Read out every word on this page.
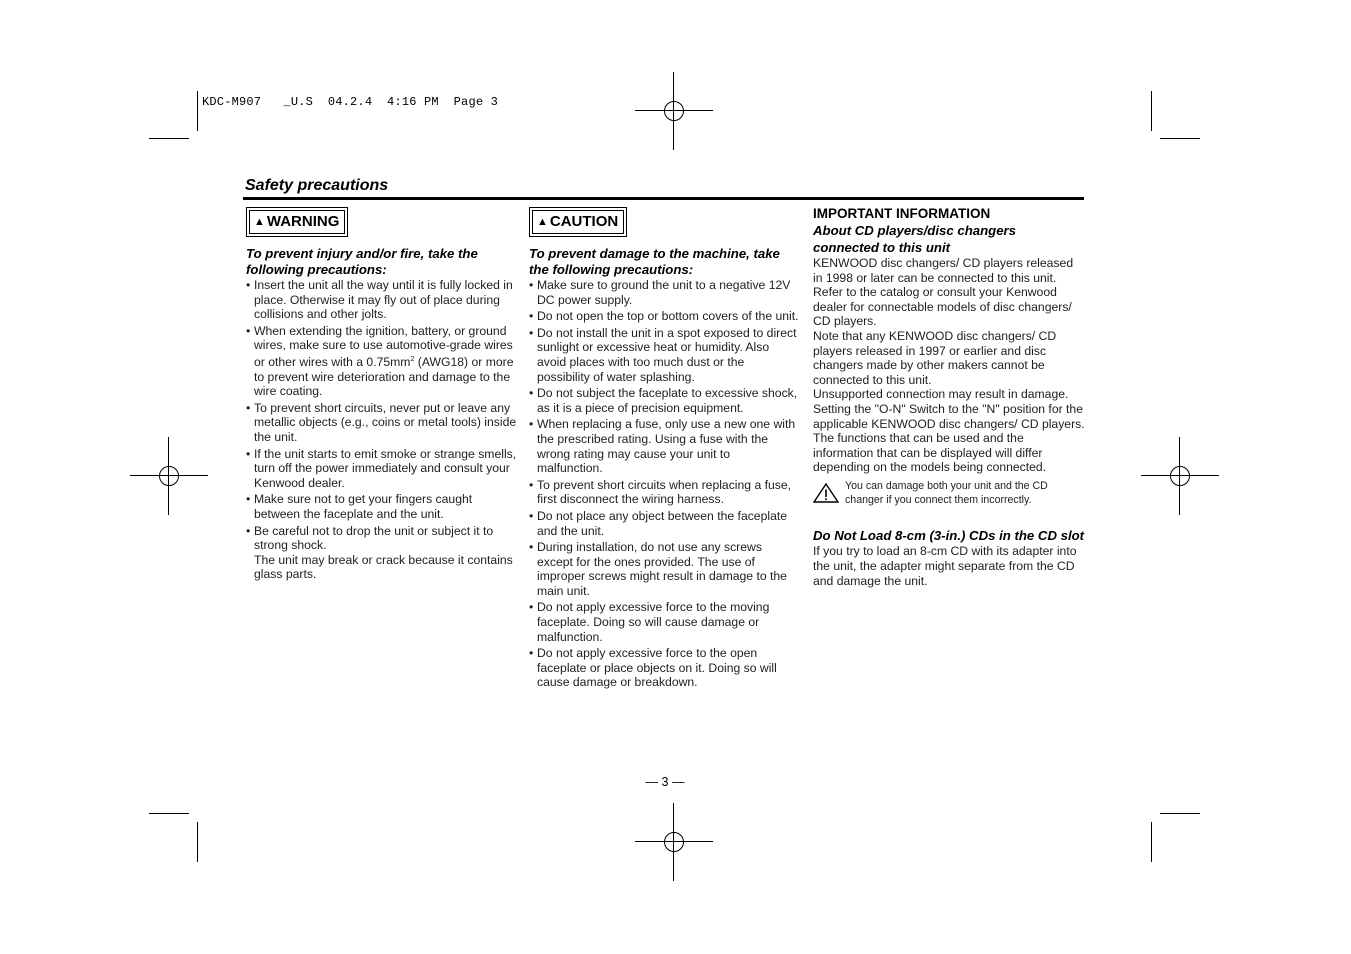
KDC-M907   _U.S  04.2.4  4:16 PM  Page 3
Safety precautions
▲ WARNING
To prevent injury and/or fire, take the following precautions:
• Insert the unit all the way until it is fully locked in place. Otherwise it may fly out of place during collisions and other jolts.
• When extending the ignition, battery, or ground wires, make sure to use automotive-grade wires or other wires with a $0.75mm^2$ (AWG18) or more to prevent wire deterioration and damage to the wire coating.
• To prevent short circuits, never put or leave any metallic objects (e.g., coins or metal tools) inside the unit.
• If the unit starts to emit smoke or strange smells, turn off the power immediately and consult your Kenwood dealer.
• Make sure not to get your fingers caught between the faceplate and the unit.
• Be careful not to drop the unit or subject it to strong shock.
The unit may break or crack because it contains glass parts.
▲ CAUTION
To prevent damage to the machine, take the following precautions:
• Make sure to ground the unit to a negative 12V DC power supply.
• Do not open the top or bottom covers of the unit.
• Do not install the unit in a spot exposed to direct sunlight or excessive heat or humidity. Also avoid places with too much dust or the possibility of water splashing.
• Do not subject the faceplate to excessive shock, as it is a piece of precision equipment.
• When replacing a fuse, only use a new one with the prescribed rating. Using a fuse with the wrong rating may cause your unit to malfunction.
• To prevent short circuits when replacing a fuse, first disconnect the wiring harness.
• Do not place any object between the faceplate and the unit.
• During installation, do not use any screws except for the ones provided. The use of improper screws might result in damage to the main unit.
• Do not apply excessive force to the moving faceplate. Doing so will cause damage or malfunction.
• Do not apply excessive force to the open faceplate or place objects on it. Doing so will cause damage or breakdown.
IMPORTANT INFORMATION
About CD players/disc changers connected to this unit
KENWOOD disc changers/ CD players released in 1998 or later can be connected to this unit.
Refer to the catalog or consult your Kenwood dealer for connectable models of disc changers/ CD players.
Note that any KENWOOD disc changers/ CD players released in 1997 or earlier and disc changers made by other makers cannot be connected to this unit.
Unsupported connection may result in damage.
Setting the "O-N" Switch to the "N" position for the applicable KENWOOD disc changers/ CD players.
The functions that can be used and the information that can be displayed will differ depending on the models being connected.
You can damage both your unit and the CD changer if you connect them incorrectly.
Do Not Load 8-cm (3-in.) CDs in the CD slot
If you try to load an 8-cm CD with its adapter into the unit, the adapter might separate from the CD and damage the unit.
— 3 —
